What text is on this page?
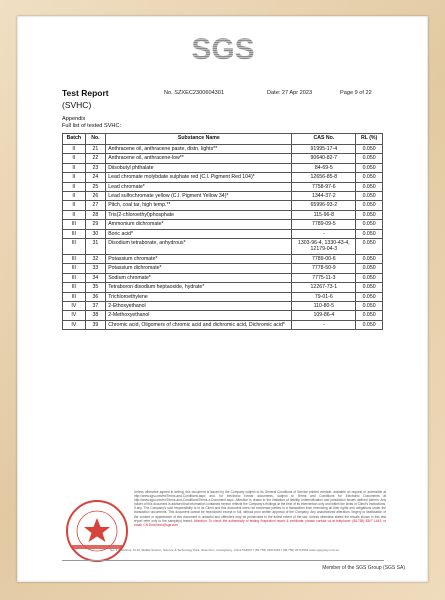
SGS
Test Report
(SVHC)
No. SZXEC2300604301	Date: 27 Apr 2023	Page 9 of 22
Appendix
Full list of tested SVHC:
Batch	No.	Substance Name	CAS No.	RL (%)
II	21	Anthracene oil, anthracene paste, distn. lights**	91995-17-4	0.050
II	22	Anthracene oil, anthracene-low**	90640-82-7	0.050
II	23	Diisobutyl phthalate	84-69-5	0.050
II	24	Lead chromate molybdate sulphate red (C.I. Pigment Red 104)*	12656-85-8	0.050
II	25	Lead chromate*	7758-97-6	0.050
II	26	Lead sulfochromate yellow (C.I. Pigment Yellow 34)*	1344-37-2	0.050
II	27	Pitch, coal tar, high temp.**	65996-93-2	0.050
II	28	Tris(2-chloroethyl)phosphate	115-96-8	0.050
III	29	Ammonium dichromate*	7789-09-5	0.050
III	30	Boric acid*	-	0.050
III	31	Disodium tetraborate, anhydrous*	1303-96-4, 1330-43-4, 12179-04-3	0.050
III	32	Potassium chromate*	7789-00-6	0.050
III	33	Potassium dichromate*	7778-50-9	0.050
III	34	Sodium chromate*	7775-11-3	0.050
III	35	Tetraboron disodium heptaoxide, hydrate*	12267-73-1	0.050
III	36	Trichloroethylene	79-01-6	0.050
IV	37	2-Ethoxyethanol	110-80-5	0.050
IV	38	2-Methoxyethanol	109-86-4	0.050
IV	39	Chromic acid, Oligomers of chromic acid and dichromic acid, Dichromic acid*	-	0.050
Unless otherwise agreed in writing, this document is issued by the Company subject to its General Conditions of Service printed overleaf, available on request or accessible at http://www.sgs.com/en/Terms-and-Conditions.aspx and, for electronic format documents, subject to Terms and Conditions for Electronic Documents at http://www.sgs.com/en/Terms-and-Conditions/Terms-e-Document.aspx. Attention is drawn to the limitation of liability, indemnification and jurisdiction issues defined therein. Any holder of this document is advised that information contained hereon reflects the Company's findings at the time of its intervention only and within the limits of Client's instructions, if any. The Company's sole responsibility is to its Client and this document does not exonerate parties to a transaction from exercising all their rights and obligations under the transaction documents. This document cannot be reproduced except in full, without prior written approval of the Company. Any unauthorized alteration, forgery or falsification of the content or appearance of this document is unlawful and offenders may be prosecuted to the fullest extent of the law. Unless otherwise stated the results shown in this test report refer only to the sample(s) tested. Attention: To check the authenticity of testing /inspection report & certificate, please contact us at telephone: (86-755) 8307 1443, or email: CN.Doccheck@sgs.com
No. 1 Workshop, M-10, Middle Section, Science & Technology Park, Shenzhen, Guangdong, China 518057 t (86-755) 26012053 f (86-755) 26710594 www.sgsgroup.com.cn
Member of the SGS Group (SGS SA)
